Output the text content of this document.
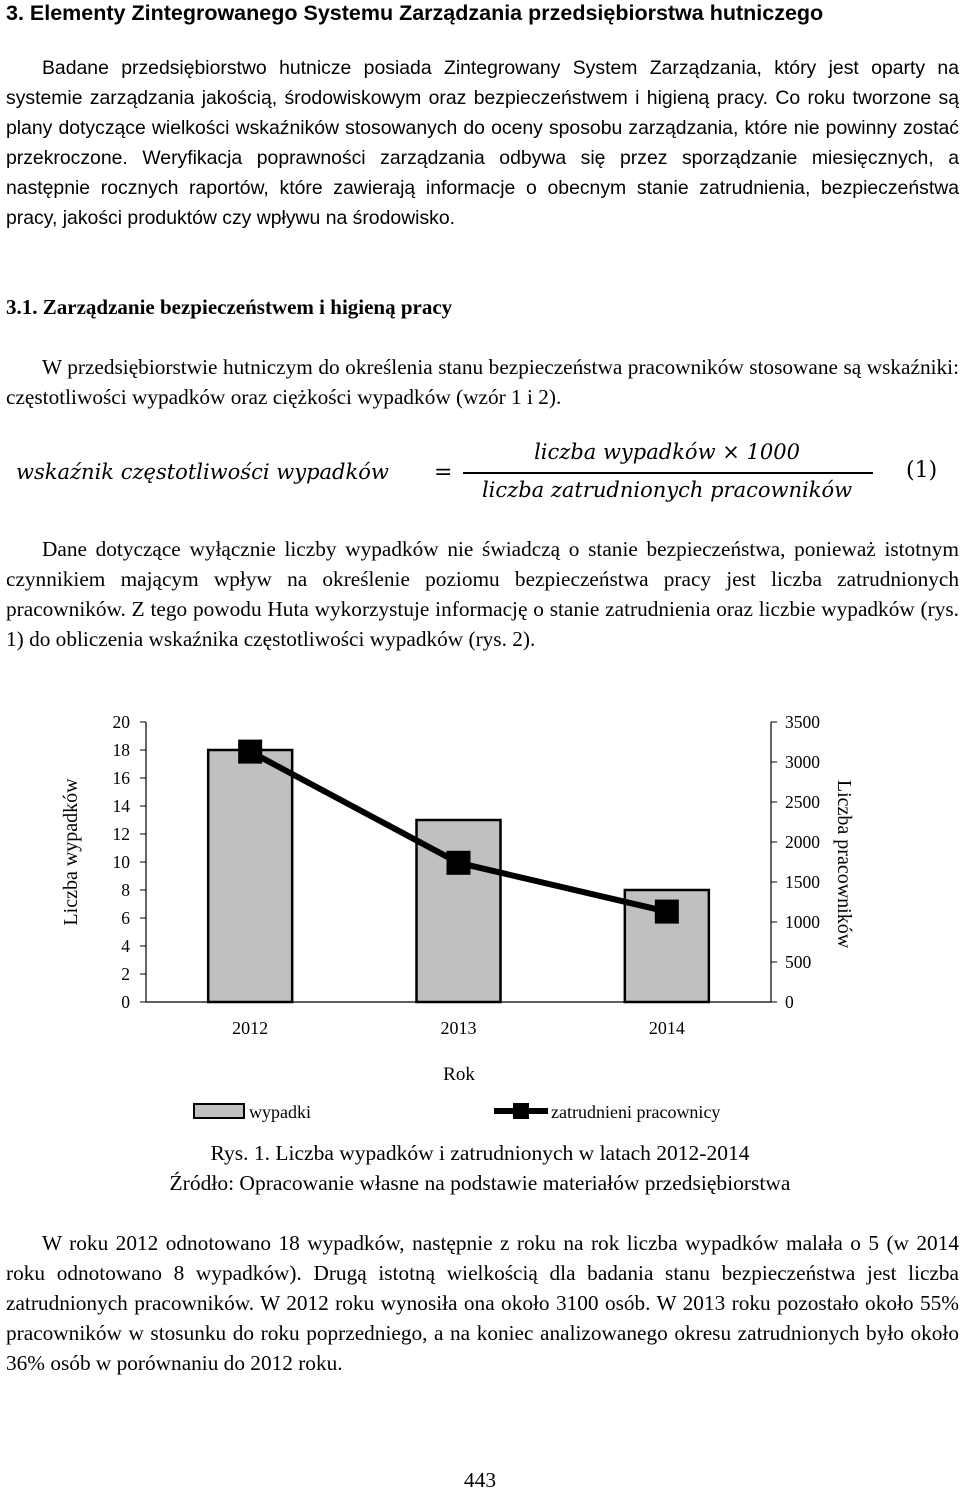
3. Elementy Zintegrowanego Systemu Zarządzania przedsiębiorstwa hutniczego

Badane przedsiębiorstwo hutnicze posiada Zintegrowany System Zarządzania, który jest oparty na systemie zarządzania jakością, środowiskowym oraz bezpieczeństwem i higieną pracy. Co roku tworzone są plany dotyczące wielkości wskaźników stosowanych do oceny sposobu zarządzania, które nie powinny zostać przekroczone. Weryfikacja poprawności zarządzania odbywa się przez sporządzanie miesięcznych, a następnie rocznych raportów, które zawierają informacje o obecnym stanie zatrudnienia, bezpieczeństwa pracy, jakości produktów czy wpływu na środowisko.

3.1. Zarządzanie bezpieczeństwem i higieną pracy

W przedsiębiorstwie hutniczym do określenia stanu bezpieczeństwa pracowników stosowane są wskaźniki: częstotliwości wypadków oraz ciężkości wypadków (wzór 1 i 2).

wskaźnik częstotliwości wypadków =
liczba wypadków × 1000
liczba zatrudnionych pracowników
(1)

Dane dotyczące wyłącznie liczby wypadków nie świadczą o stanie bezpieczeństwa, ponieważ istotnym czynnikiem mającym wpływ na określenie poziomu bezpieczeństwa pracy jest liczba zatrudnionych pracowników. Z tego powodu Huta wykorzystuje informację o stanie zatrudnienia oraz liczbie wypadków (rys. 1) do obliczenia wskaźnika częstotliwości wypadków (rys. 2).

0
2
4
6
8
10
12
14
16
18
20
0
500
1000
1500
2000
2500
3000
3500
2012	2013	2014
Rok
Liczba wypadków	Liczba pracowników
wypadki	zatrudnieni pracownicy
Rys. 1. Liczba wypadków i zatrudnionych w latach 2012-2014
Źródło: Opracowanie własne na podstawie materiałów przedsiębiorstwa

W roku 2012 odnotowano 18 wypadków, następnie z roku na rok liczba wypadków malała o 5 (w 2014 roku odnotowano 8 wypadków). Drugą istotną wielkością dla badania stanu bezpieczeństwa jest liczba zatrudnionych pracowników. W 2012 roku wynosiła ona około 3100 osób. W 2013 roku pozostało około 55% pracowników w stosunku do roku poprzedniego, a na koniec analizowanego okresu zatrudnionych było około 36% osób w porównaniu do 2012 roku.

443
